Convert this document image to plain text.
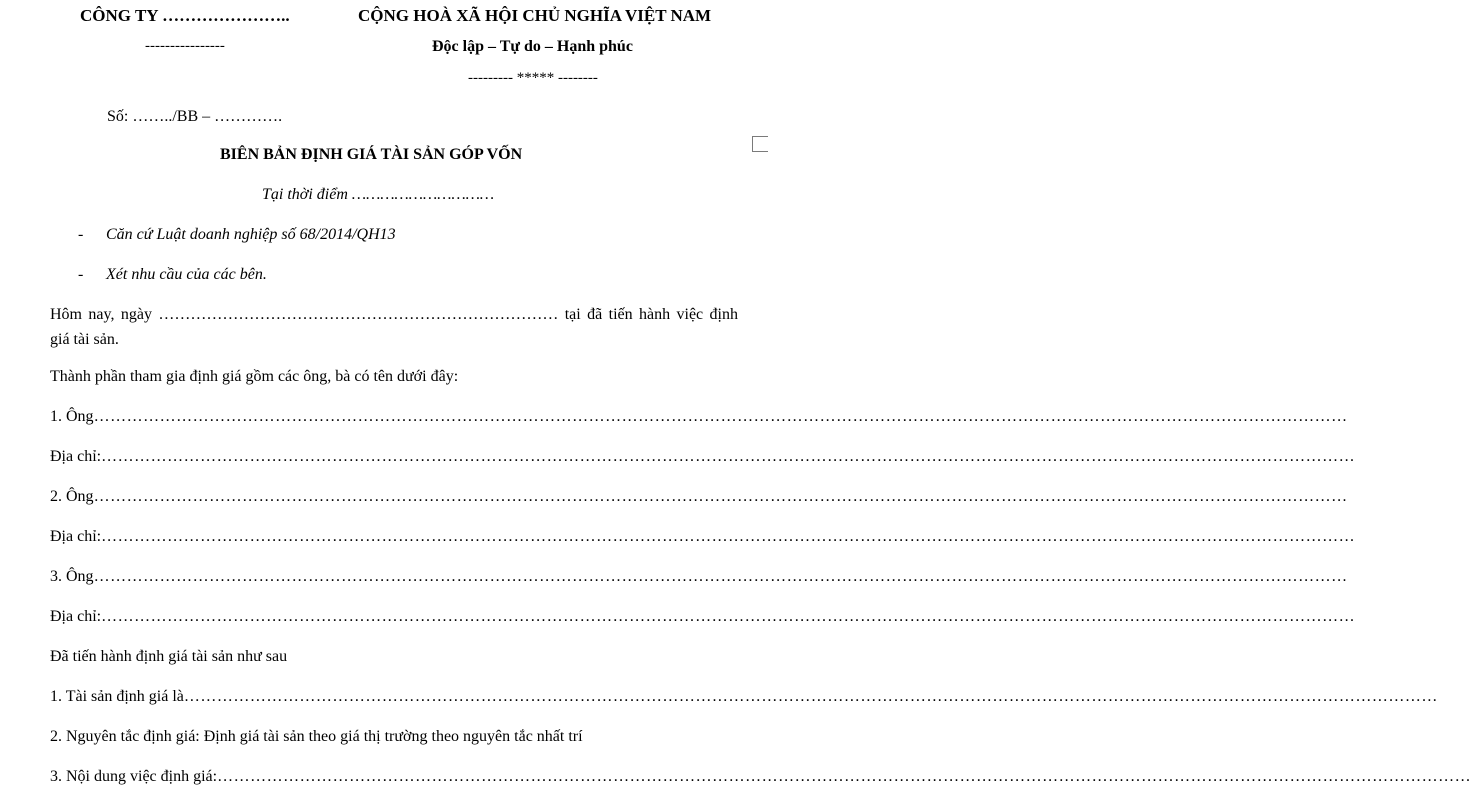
CÔNG TY …………………..	CỘNG HOÀ XÃ HỘI CHỦ NGHĨA VIỆT NAM
----------------	Độc lập – Tự do – Hạnh phúc
--------- ***** --------
Số: ……../BB – ………….
BIÊN BẢN ĐỊNH GIÁ TÀI SẢN GÓP VỐN
Tại thời điểm …………………………
- Căn cứ Luật doanh nghiệp số 68/2014/QH13
- Xét nhu cầu của các bên.
Hôm nay, ngày ………………………………………………………………… tại đã tiến hành việc định giá tài sản.
Thành phần tham gia định giá gồm các ông, bà có tên dưới đây:
1. Ông …………………………………………………………………………………………………………………………………………………………………………………………………………
Địa chỉ: …………………………………………………………………………………………………………………………………………………………………………………………………………
2. Ông …………………………………………………………………………………………………………………………………………………………………………………………………………
Địa chỉ: …………………………………………………………………………………………………………………………………………………………………………………………………………
3. Ông …………………………………………………………………………………………………………………………………………………………………………………………………………
Địa chỉ: …………………………………………………………………………………………………………………………………………………………………………………………………………
Đã tiến hành định giá tài sản như sau
1. Tài sản định giá là …………………………………………………………………………………………………………………………………………………………………………………………………………
2. Nguyên tắc định giá: Định giá tài sản theo giá thị trường theo nguyên tắc nhất trí
3. Nội dung việc định giá: …………………………………………………………………………………………………………………………………………………………………………………………………………
